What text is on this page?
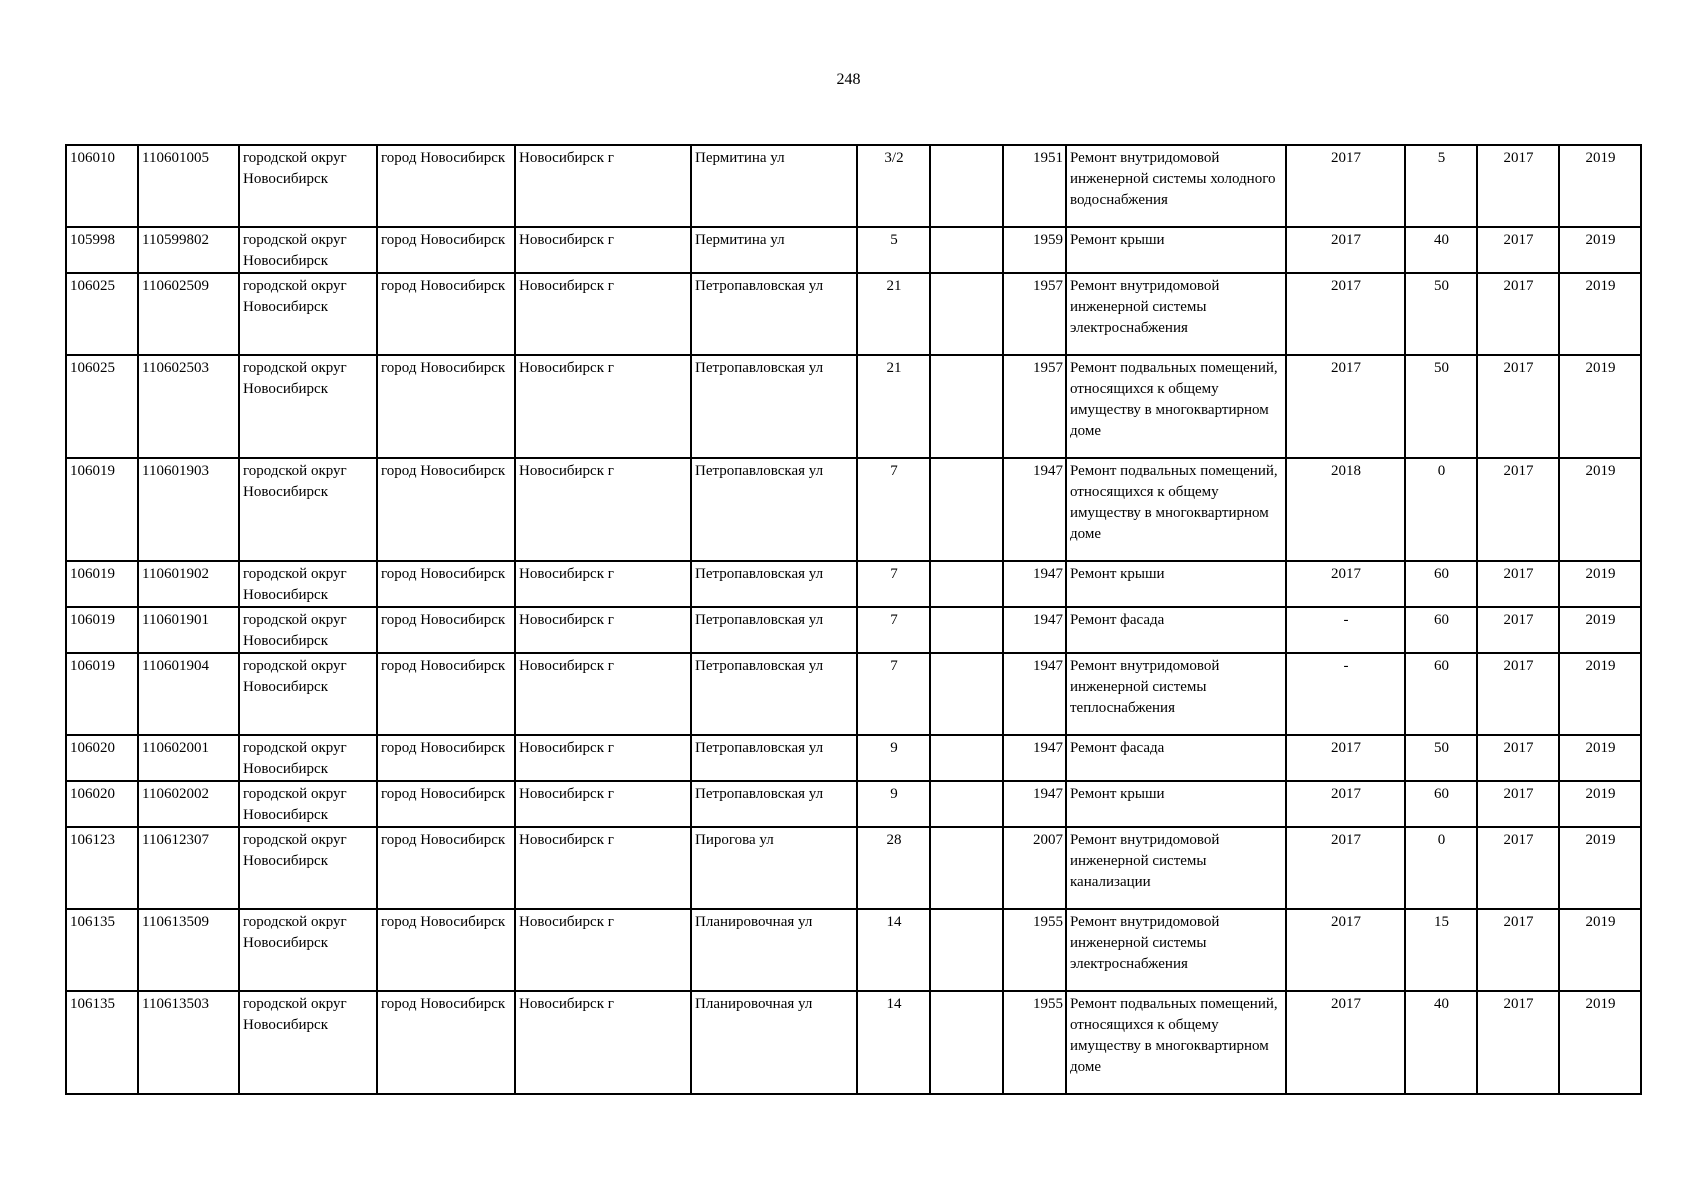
248
106010	110601005	городской округ Новосибирск	город Новосибирск	Новосибирск г	Пермитина ул	3/2		1951	Ремонт внутридомовой инженерной системы холодного водоснабжения	2017	5	2017	2019
105998	110599802	городской округ Новосибирск	город Новосибирск	Новосибирск г	Пермитина ул	5		1959	Ремонт крыши	2017	40	2017	2019
106025	110602509	городской округ Новосибирск	город Новосибирск	Новосибирск г	Петропавловская ул	21		1957	Ремонт внутридомовой инженерной системы электроснабжения	2017	50	2017	2019
106025	110602503	городской округ Новосибирск	город Новосибирск	Новосибирск г	Петропавловская ул	21		1957	Ремонт подвальных помещений, относящихся к общему имуществу в многоквартирном доме	2017	50	2017	2019
106019	110601903	городской округ Новосибирск	город Новосибирск	Новосибирск г	Петропавловская ул	7		1947	Ремонт подвальных помещений, относящихся к общему имуществу в многоквартирном доме	2018	0	2017	2019
106019	110601902	городской округ Новосибирск	город Новосибирск	Новосибирск г	Петропавловская ул	7		1947	Ремонт крыши	2017	60	2017	2019
106019	110601901	городской округ Новосибирск	город Новосибирск	Новосибирск г	Петропавловская ул	7		1947	Ремонт фасада	-	60	2017	2019
106019	110601904	городской округ Новосибирск	город Новосибирск	Новосибирск г	Петропавловская ул	7		1947	Ремонт внутридомовой инженерной системы теплоснабжения	-	60	2017	2019
106020	110602001	городской округ Новосибирск	город Новосибирск	Новосибирск г	Петропавловская ул	9		1947	Ремонт фасада	2017	50	2017	2019
106020	110602002	городской округ Новосибирск	город Новосибирск	Новосибирск г	Петропавловская ул	9		1947	Ремонт крыши	2017	60	2017	2019
106123	110612307	городской округ Новосибирск	город Новосибирск	Новосибирск г	Пирогова ул	28		2007	Ремонт внутридомовой инженерной системы канализации	2017	0	2017	2019
106135	110613509	городской округ Новосибирск	город Новосибирск	Новосибирск г	Планировочная ул	14		1955	Ремонт внутридомовой инженерной системы электроснабжения	2017	15	2017	2019
106135	110613503	городской округ Новосибирск	город Новосибирск	Новосибирск г	Планировочная ул	14		1955	Ремонт подвальных помещений, относящихся к общему имуществу в многоквартирном доме	2017	40	2017	2019
